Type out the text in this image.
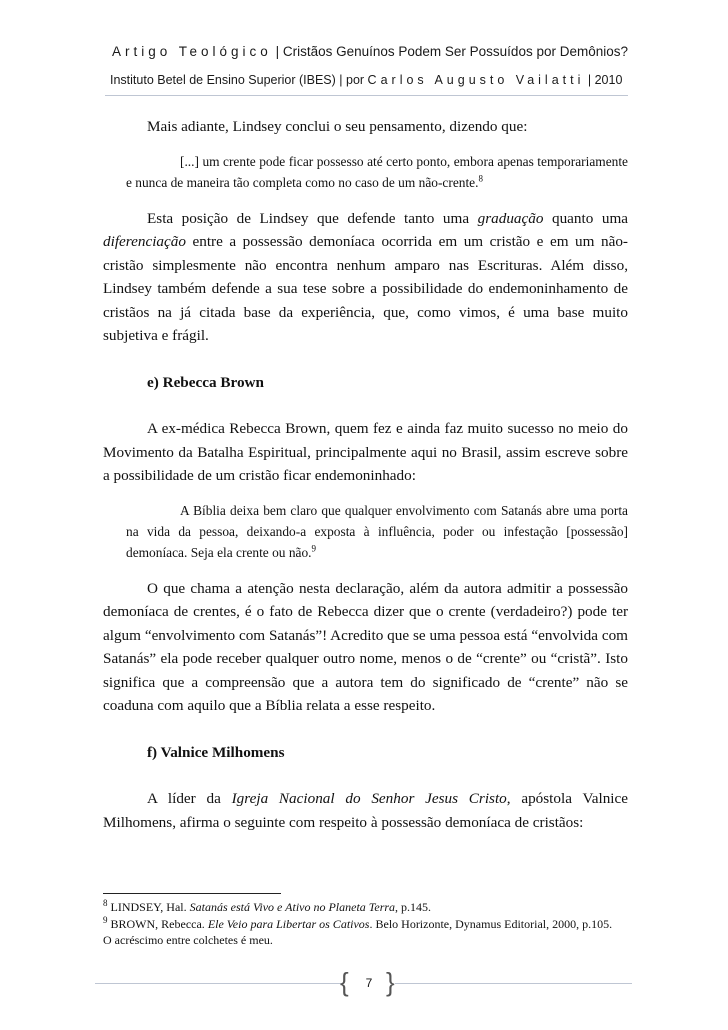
Artigo Teológico | Cristãos Genuínos Podem Ser Possuídos por Demônios?
Instituto Betel de Ensino Superior (IBES) | por Carlos Augusto Vailatti | 2010

Mais adiante, Lindsey conclui o seu pensamento, dizendo que:

[...] um crente pode ficar possesso até certo ponto, embora apenas temporariamente e nunca de maneira tão completa como no caso de um não-crente.$^8$

Esta posição de Lindsey que defende tanto uma graduação quanto uma diferenciação entre a possessão demoníaca ocorrida em um cristão e em um não-cristão simplesmente não encontra nenhum amparo nas Escrituras. Além disso, Lindsey também defende a sua tese sobre a possibilidade do endemoninhamento de cristãos na já citada base da experiência, que, como vimos, é uma base muito subjetiva e frágil.

e) Rebecca Brown

A ex-médica Rebecca Brown, quem fez e ainda faz muito sucesso no meio do Movimento da Batalha Espiritual, principalmente aqui no Brasil, assim escreve sobre a possibilidade de um cristão ficar endemoninhado:

A Bíblia deixa bem claro que qualquer envolvimento com Satanás abre uma porta na vida da pessoa, deixando-a exposta à influência, poder ou infestação [possessão] demoníaca. Seja ela crente ou não.$^9$

O que chama a atenção nesta declaração, além da autora admitir a possessão demoníaca de crentes, é o fato de Rebecca dizer que o crente (verdadeiro?) pode ter algum “envolvimento com Satanás”! Acredito que se uma pessoa está “envolvida com Satanás” ela pode receber qualquer outro nome, menos o de “crente” ou “cristã”. Isto significa que a compreensão que a autora tem do significado de “crente” não se coaduna com aquilo que a Bíblia relata a esse respeito.

f) Valnice Milhomens

A líder da Igreja Nacional do Senhor Jesus Cristo, apóstola Valnice Milhomens, afirma o seguinte com respeito à possessão demoníaca de cristãos:

$^8$ LINDSEY, Hal. Satanás está Vivo e Ativo no Planeta Terra, p.145.
$^9$ BROWN, Rebecca. Ele Veio para Libertar os Cativos. Belo Horizonte, Dynamus Editorial, 2000, p.105.
O acréscimo entre colchetes é meu.
{	7 }
